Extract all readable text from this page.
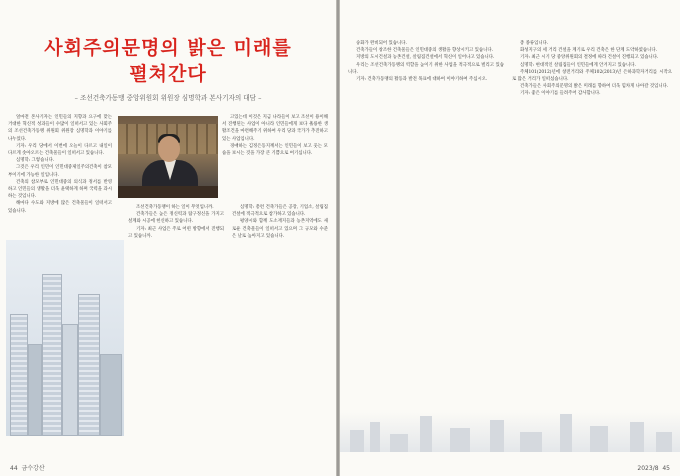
사회주의문명의 밝은 미래를
펼쳐간다
– 조선건축가동맹 중앙위원회 위원장 심명학과 본사기자의 대담 –

얼마전 본사기자는 인민들의 지향과 요구에 맞는 거대한 혁신적 성과들이 수많이 일떠서고 있는 사회주의 조선건축가동맹 위원회 위원장 심명학과 이야기를 나누었다.

기자: 우리 당에서 이번에 오늘이 다르고 내일이 다르게 솟아오르는 건축물들이 일떠서고 있습니다.

심명학: 그렇습니다.

그것은 우리 인민이 인민대중제일주의건축이 참모부이기에 가능한 일입니다.

건축의 참모부로 인민대중의 의식과 정서를 반영하고 인민들의 생활을 더욱 윤택하게 하며 국력을 과시하는 것입니다.

해마다 수도와 지방에 많은 건축물들이 일떠서고 있습니다.

고있는데 이것은 지금 나라들이 보고 조선이 용이해서 진행된는 사업이 아니라 인민들에게 보다 훌륭한 생활조건을 마련해주기 위하여 우리 당과 국가가 추진하고 있는 사업입니다.

경애하는 김정은동지께서는 인민들이 보고 웃는 모습을 보시는 것을 가장 큰 기쁨으로 여기십니다.

조선건축가동맹이 하는 일이 무엇입니까.

건축가들은 높은 정신력과 탐구정신을 가지고 설계와 시공에 헌신하고 있습니다.

기자: 최근 사업은 주로 어떤 방향에서 진행되고 있습니까.

심명학: 총련 건축가들은 공장, 기업소, 살림집 건설에 적극적으로 참가하고 있습니다.

평양시와 함께 도소재지들과 농촌지역에도 새로운 건축물들이 일떠서고 있으며 그 규모와 수준은 날로 높아지고 있습니다.

44 금수강산

숭화가 완비되어 있습니다.

건축가들이 창조한 건축물들은 인민대중의 생활을 향상시키고 있습니다.

지방의 도시건설과 농촌건설, 살림집건설에서 혁신이 일어나고 있습니다.

우리는 조선건축가동맹의 역할을 높이기 위한 사업을 적극적으로 벌리고 있습니다.

기자: 건축가동맹의 활동과 발전 목표에 대하여 이야기하여 주십시오.

총 종류입니다.

화성지구의 세 거리 건설을 계기로 우리 건축은 한 단계 도약하였습니다.

기자: 최근 시기 당 중앙위원회의 결정에 따라 건설이 진행되고 있습니다.

심명학: 현대적인 살림집들이 인민들에게 안겨지고 있습니다.

주체101(2012)년에 창전거리와 주체102(2013)년 은하과학자거리를 시작으로 많은 거리가 일떠섰습니다.

건축가들은 사회주의문명의 밝은 미래를 향하여 더욱 힘차게 나아갈 것입니다.

기자: 좋은 이야기를 들려주어 감사합니다.

2023/8 45
